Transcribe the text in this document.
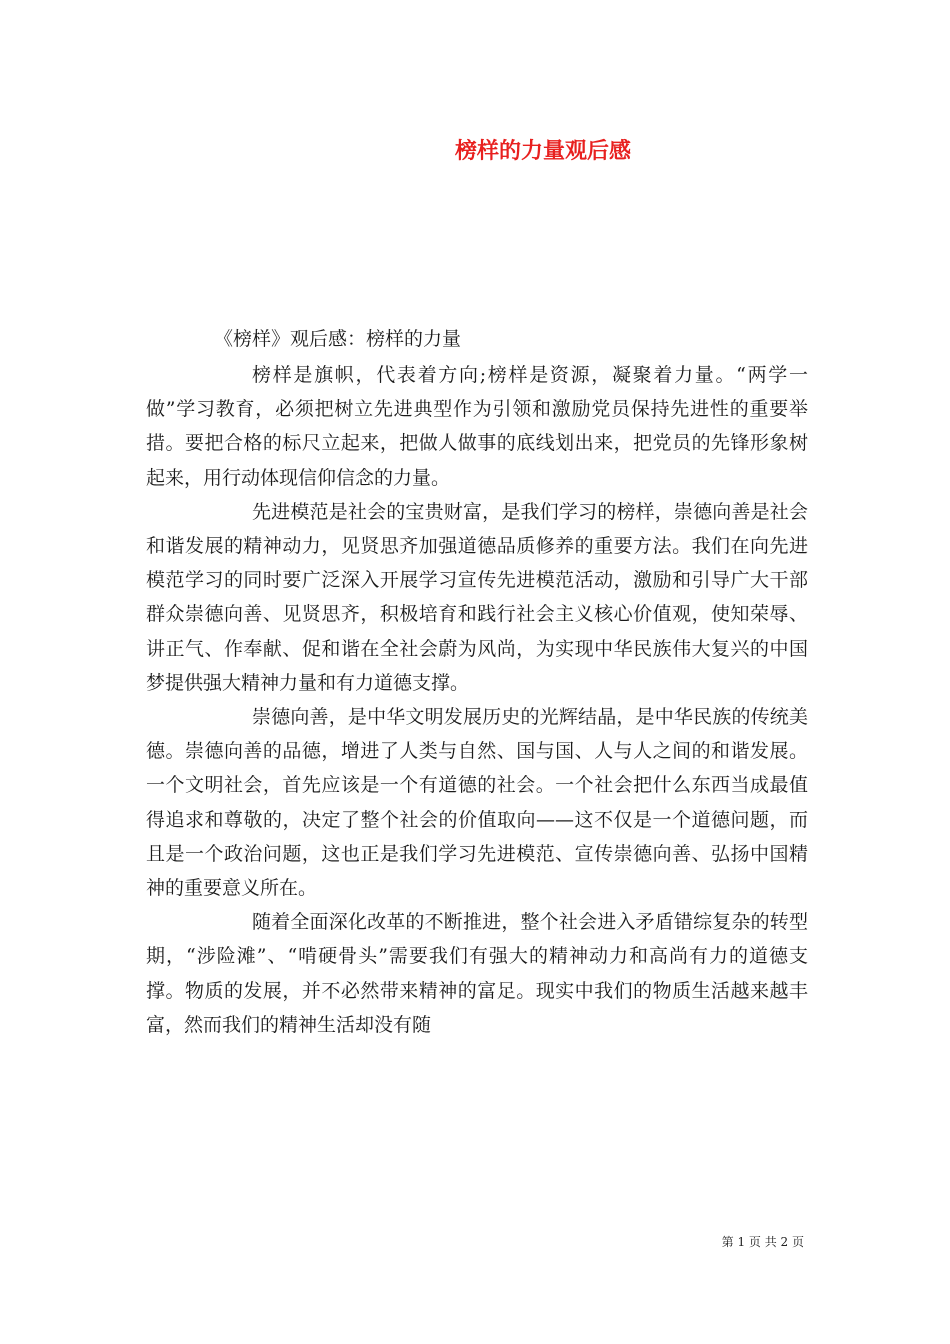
榜样的力量观后感
《榜样》观后感：榜样的力量

榜样是旗帜，代表着方向;榜样是资源，凝聚着力量。“两学一做”学习教育，必须把树立先进典型作为引领和激励党员保持先进性的重要举措。要把合格的标尺立起来，把做人做事的底线划出来，把党员的先锋形象树起来，用行动体现信仰信念的力量。

先进模范是社会的宝贵财富，是我们学习的榜样，崇德向善是社会和谐发展的精神动力，见贤思齐加强道德品质修养的重要方法。我们在向先进模范学习的同时要广泛深入开展学习宣传先进模范活动，激励和引导广大干部群众崇德向善、见贤思齐，积极培育和践行社会主义核心价值观，使知荣辱、讲正气、作奉献、促和谐在全社会蔚为风尚，为实现中华民族伟大复兴的中国梦提供强大精神力量和有力道德支撑。

崇德向善，是中华文明发展历史的光辉结晶，是中华民族的传统美德。崇德向善的品德，增进了人类与自然、国与国、人与人之间的和谐发展。一个文明社会，首先应该是一个有道德的社会。一个社会把什么东西当成最值得追求和尊敬的，决定了整个社会的价值取向——这不仅是一个道德问题，而且是一个政治问题，这也正是我们学习先进模范、宣传崇德向善、弘扬中国精神的重要意义所在。

随着全面深化改革的不断推进，整个社会进入矛盾错综复杂的转型期，“涉险滩”、“啃硬骨头”需要我们有强大的精神动力和高尚有力的道德支撑。物质的发展，并不必然带来精神的富足。现实中我们的物质生活越来越丰富，然而我们的精神生活却没有随

第 1 页 共 2 页
